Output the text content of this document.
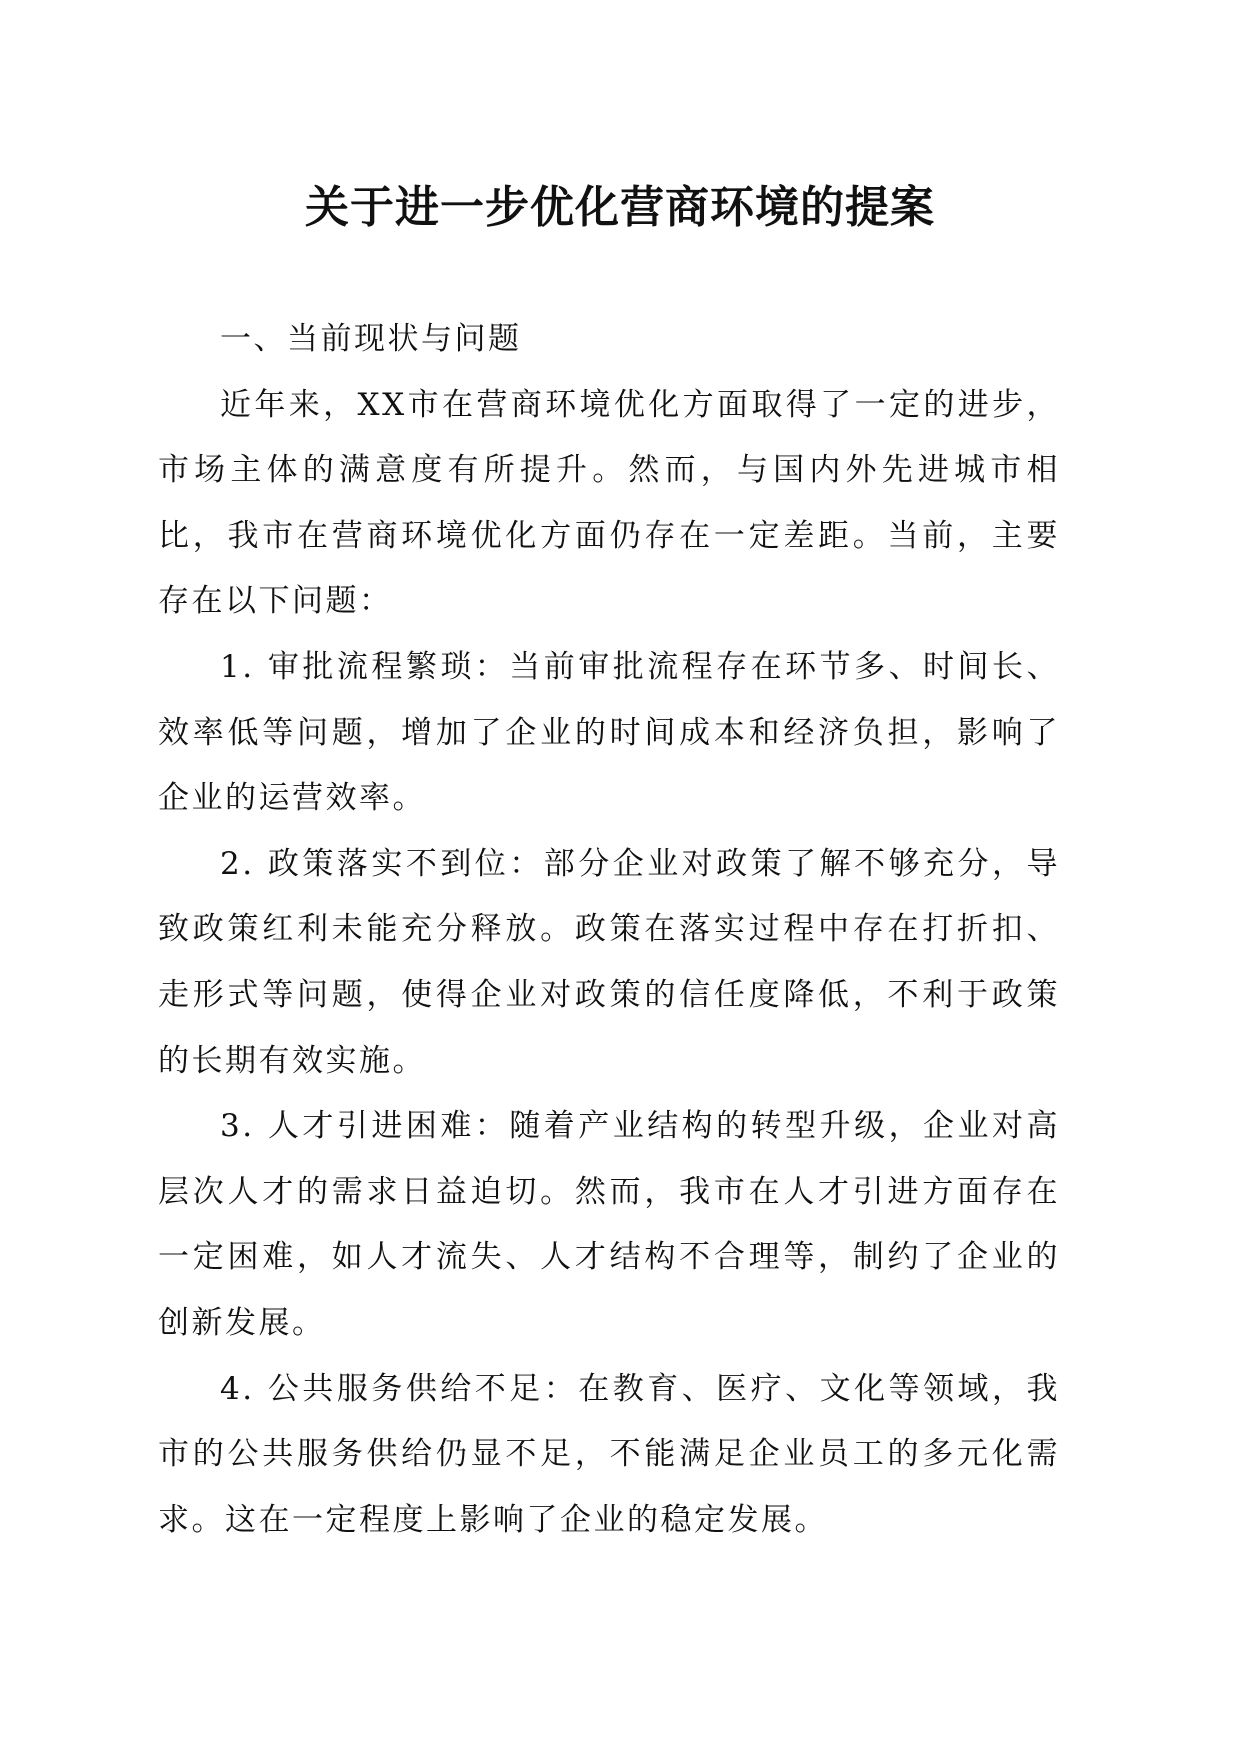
关于进一步优化营商环境的提案

一、当前现状与问题

近年来，XX市在营商环境优化方面取得了一定的进步，市场主体的满意度有所提升。然而，与国内外先进城市相比，我市在营商环境优化方面仍存在一定差距。当前，主要存在以下问题：

1. 审批流程繁琐：当前审批流程存在环节多、时间长、效率低等问题，增加了企业的时间成本和经济负担，影响了企业的运营效率。

2. 政策落实不到位：部分企业对政策了解不够充分，导致政策红利未能充分释放。政策在落实过程中存在打折扣、走形式等问题，使得企业对政策的信任度降低，不利于政策的长期有效实施。

3. 人才引进困难：随着产业结构的转型升级，企业对高层次人才的需求日益迫切。然而，我市在人才引进方面存在一定困难，如人才流失、人才结构不合理等，制约了企业的创新发展。

4. 公共服务供给不足：在教育、医疗、文化等领域，我市的公共服务供给仍显不足，不能满足企业员工的多元化需求。这在一定程度上影响了企业的稳定发展。
